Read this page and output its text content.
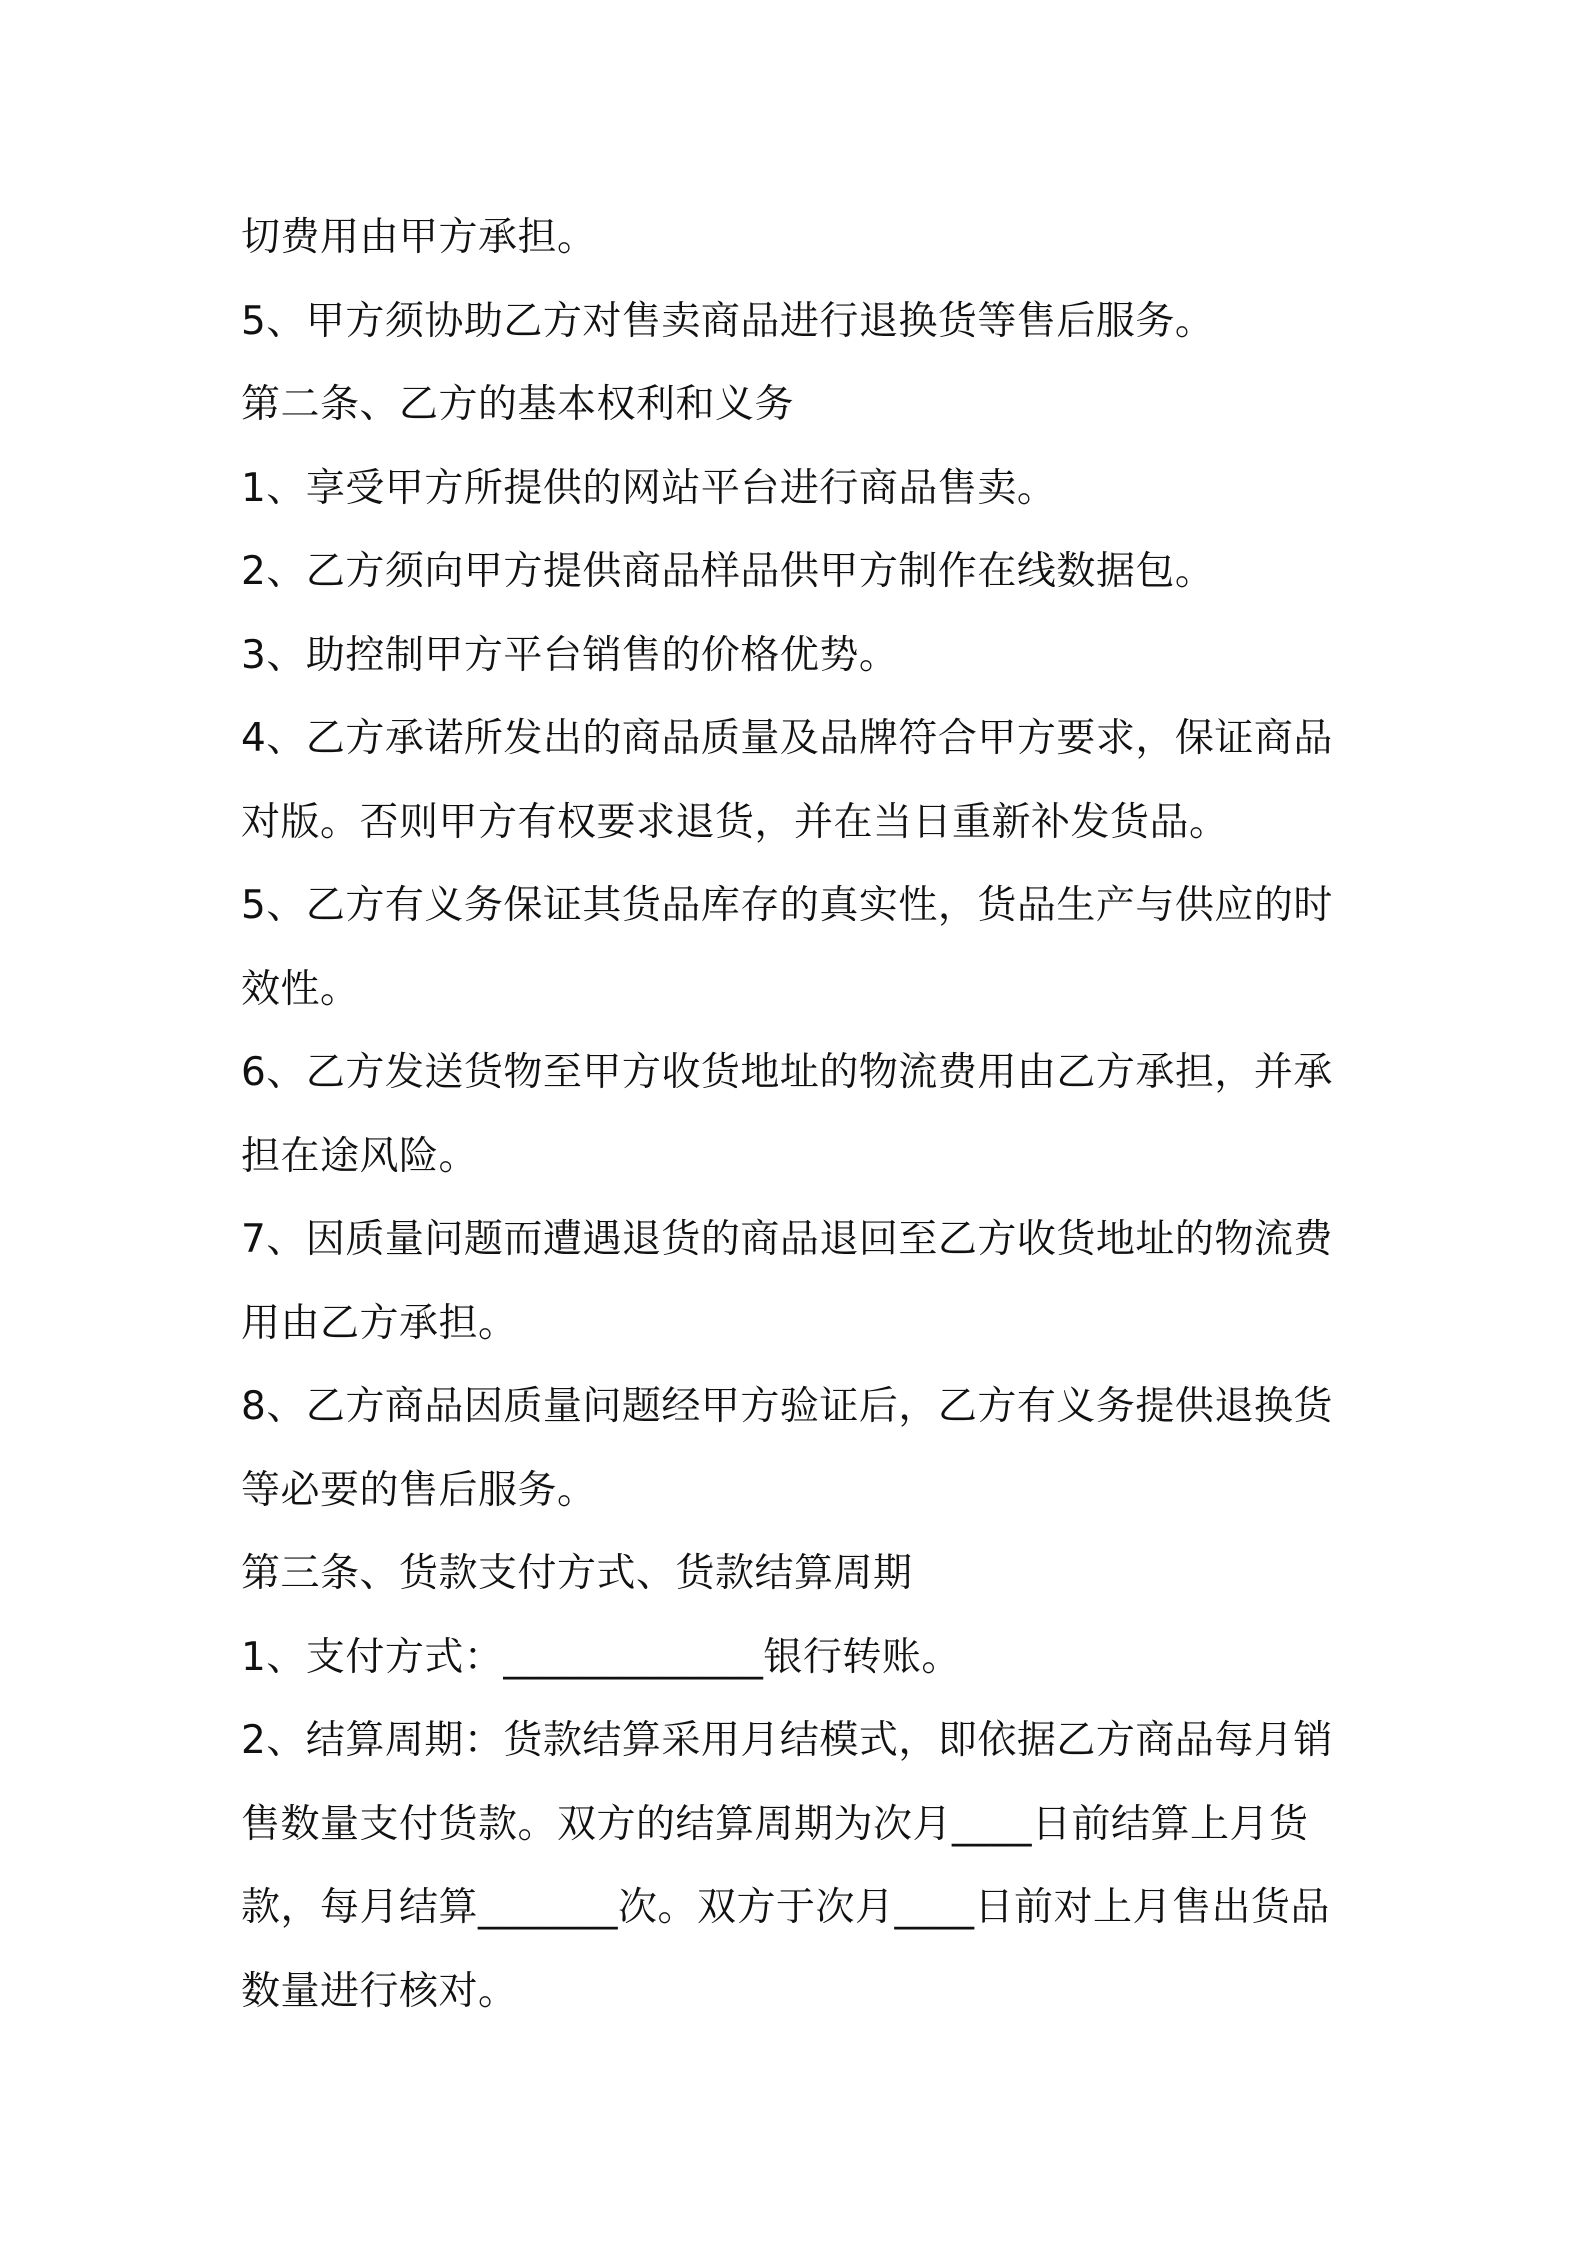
切费用由甲方承担。

5、甲方须协助乙方对售卖商品进行退换货等售后服务。

第二条、乙方的基本权利和义务

1、享受甲方所提供的网站平台进行商品售卖。

2、乙方须向甲方提供商品样品供甲方制作在线数据包。

3、助控制甲方平台销售的价格优势。

4、乙方承诺所发出的商品质量及品牌符合甲方要求，保证商品

对版。否则甲方有权要求退货，并在当日重新补发货品。

5、乙方有义务保证其货品库存的真实性，货品生产与供应的时

效性。

6、乙方发送货物至甲方收货地址的物流费用由乙方承担，并承

担在途风险。

7、因质量问题而遭遇退货的商品退回至乙方收货地址的物流费

用由乙方承担。

8、乙方商品因质量问题经甲方验证后，乙方有义务提供退换货

等必要的售后服务。

第三条、货款支付方式、货款结算周期

1、支付方式：_____________银行转账。

2、结算周期：货款结算采用月结模式，即依据乙方商品每月销

售数量支付货款。双方的结算周期为次月____日前结算上月货

款，每月结算_______次。双方于次月____日前对上月售出货品

数量进行核对。
